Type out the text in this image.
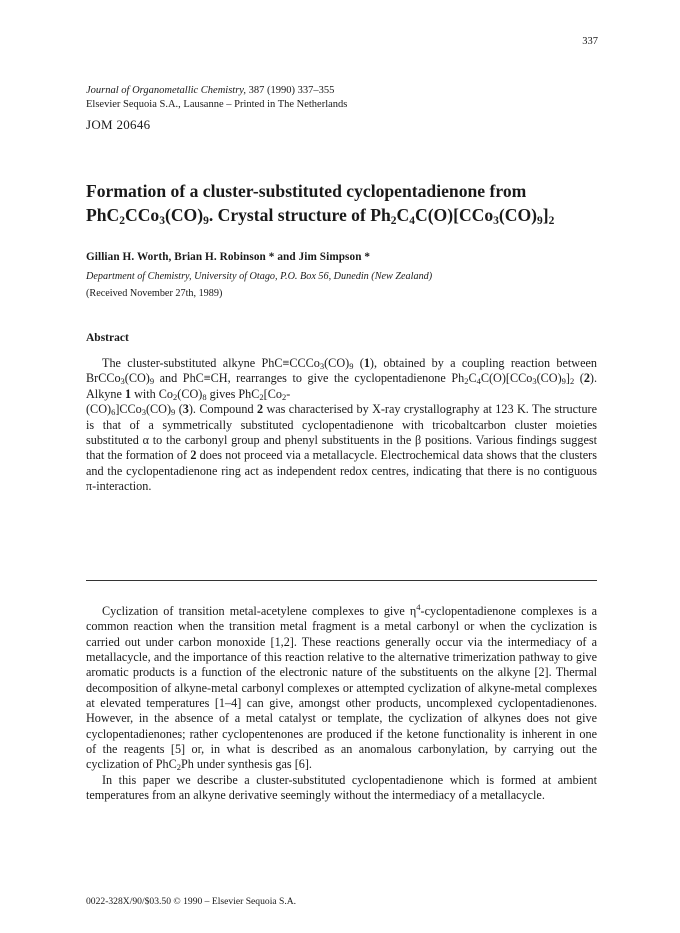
337
Journal of Organometallic Chemistry, 387 (1990) 337–355
Elsevier Sequoia S.A., Lausanne – Printed in The Netherlands
JOM 20646
Formation of a cluster-substituted cyclopentadienone from
$PhC_2CCo_3(CO)_9$. Crystal structure of $Ph_2C_4C(O)[CCo_3(CO)_9]_2$
Gillian H. Worth, Brian H. Robinson * and Jim Simpson *
Department of Chemistry, University of Otago, P.O. Box 56, Dunedin (New Zealand)
(Received November 27th, 1989)
Abstract

The cluster-substituted alkyne $PhC\equiv CCCo_3(CO)_9$ (1), obtained by a coupling reaction between $BrCCo_3(CO)_9$ and PhC≡CH, rearranges to give the cyclopentadienone $Ph_2C_4C(O)[CCo_3(CO)_9]_2$ (2). Alkyne 1 with $Co_2(CO)_8$ gives $PhC_2[Co_2-$
$(CO)_6]CCo_3(CO)_9$ (3). Compound 2 was characterised by X-ray crystallography at 123 K. The structure is that of a symmetrically substituted cyclopentadienone with tricobaltcarbon cluster moieties substituted α to the carbonyl group and phenyl substituents in the β positions. Various findings suggest that the formation of 2 does not proceed via a metallacycle. Electrochemical data shows that the clusters and the cyclopentadienone ring act as independent redox centres, indicating that there is no contiguous π-interaction.

Cyclization of transition metal-acetylene complexes to give $\eta^4$-cyclopentadienone complexes is a common reaction when the transition metal fragment is a metal carbonyl or when the cyclization is carried out under carbon monoxide [1,2]. These reactions generally occur via the intermediacy of a metallacycle, and the importance of this reaction relative to the alternative trimerization pathway to give aromatic products is a function of the electronic nature of the substituents on the alkyne [2]. Thermal decomposition of alkyne-metal carbonyl complexes or attempted cyclization of alkyne-metal complexes at elevated temperatures [1–4] can give, amongst other products, uncomplexed cyclopentadienones. However, in the absence of a metal catalyst or template, the cyclization of alkynes does not give cyclopentadienones; rather cyclopentenones are produced if the ketone functionality is inherent in one of the reagents [5] or, in what is described as an anomalous carbonylation, by carrying out the cyclization of PhC$_2$Ph under synthesis gas [6].

In this paper we describe a cluster-substituted cyclopentadienone which is formed at ambient temperatures from an alkyne derivative seemingly without the intermediacy of a metallacycle.

0022-328X/90/$03.50 © 1990 – Elsevier Sequoia S.A.
